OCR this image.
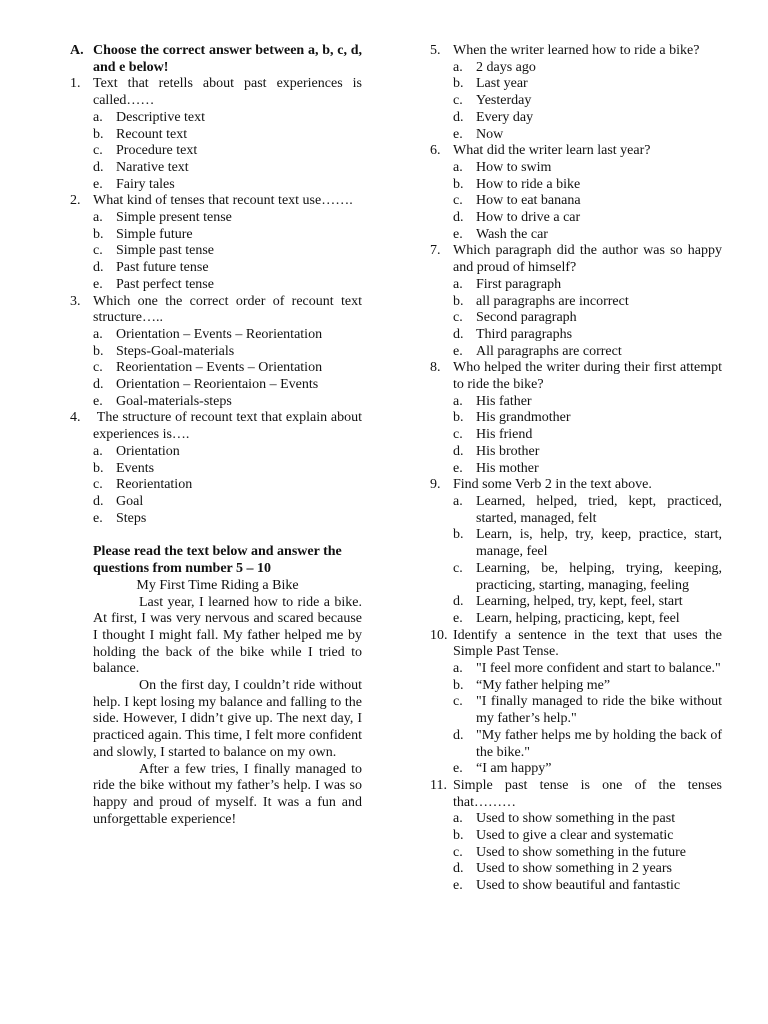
A. Choose the correct answer between a, b, c, d, and e below!
1. Text that retells about past experiences is called……
a. Descriptive text
b. Recount text
c. Procedure text
d. Narative text
e. Fairy tales
2. What kind of tenses that recount text use…….
a. Simple present tense
b. Simple future
c. Simple past tense
d. Past future tense
e. Past perfect tense
3. Which one the correct order of recount text structure…..
a. Orientation – Events – Reorientation
b. Steps-Goal-materials
c. Reorientation – Events – Orientation
d. Orientation – Reorientaion – Events
e. Goal-materials-steps
4. The structure of recount text that explain about experiences is….
a. Orientation
b. Events
c. Reorientation
d. Goal
e. Steps
Please read the text below and answer the questions from number 5 – 10
My First Time Riding a Bike
Last year, I learned how to ride a bike. At first, I was very nervous and scared because I thought I might fall. My father helped me by holding the back of the bike while I tried to balance.
On the first day, I couldn’t ride without help. I kept losing my balance and falling to the side. However, I didn’t give up. The next day, I practiced again. This time, I felt more confident and slowly, I started to balance on my own.
After a few tries, I finally managed to ride the bike without my father’s help. I was so happy and proud of myself. It was a fun and unforgettable experience!
5. When the writer learned how to ride a bike?
a. 2 days ago
b. Last year
c. Yesterday
d. Every day
e. Now
6. What did the writer learn last year?
a. How to swim
b. How to ride a bike
c. How to eat banana
d. How to drive a car
e. Wash the car
7. Which paragraph did the author was so happy and proud of himself?
a. First paragraph
b. all paragraphs are incorrect
c. Second paragraph
d. Third paragraphs
e. All paragraphs are correct
8. Who helped the writer during their first attempt to ride the bike?
a. His father
b. His grandmother
c. His friend
d. His brother
e. His mother
9. Find some Verb 2 in the text above.
a. Learned, helped, tried, kept, practiced, started, managed, felt
b. Learn, is, help, try, keep, practice, start, manage, feel
c. Learning, be, helping, trying, keeping, practicing, starting, managing, feeling
d. Learning, helped, try, kept, feel, start
e. Learn, helping, practicing, kept, feel
10. Identify a sentence in the text that uses the Simple Past Tense.
a. "I feel more confident and start to balance."
b. “My father helping me”
c. "I finally managed to ride the bike without my father’s help."
d. "My father helps me by holding the back of the bike."
e. “I am happy”
11. Simple past tense is one of the tenses that………
a. Used to show something in the past
b. Used to give a clear and systematic
c. Used to show something in the future
d. Used to show something in 2 years
e. Used to show beautiful and fantastic
